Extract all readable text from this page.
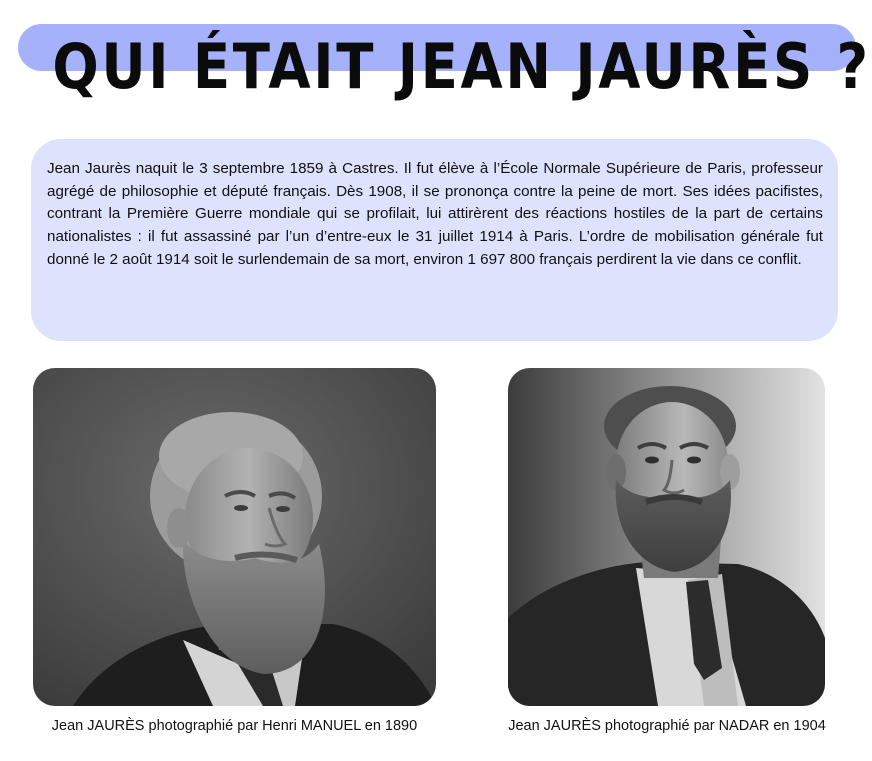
QUI ÉTAIT JEAN JAURÈS ?

Jean Jaurès naquit le 3 septembre 1859 à Castres. Il fut élève à l’École Normale Supérieure de Paris, professeur agrégé de philosophie et député français. Dès 1908, il se prononça contre la peine de mort. Ses idées pacifistes, contrant la Première Guerre mondiale qui se profilait, lui attirèrent des réactions hostiles de la part de certains nationalistes : il fut assassiné par l’un d’entre-eux le 31 juillet 1914 à Paris. L’ordre de mobilisation générale fut donné le 2 août 1914 soit le surlendemain de sa mort, environ 1 697 800 français perdirent la vie dans ce conflit.

Jean JAURÈS photographié par Henri MANUEL en 1890	Jean JAURÈS photographié par NADAR en 1904
